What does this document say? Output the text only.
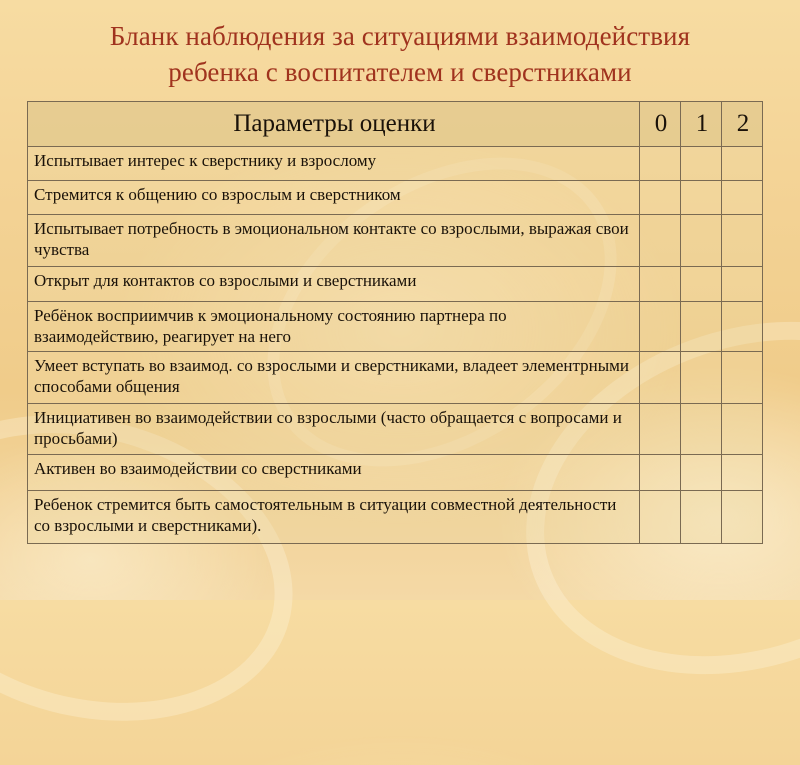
Бланк наблюдения за ситуациями взаимодействия
ребенка с воспитателем и сверстниками
Параметры оценки	0	1	2
Испытывает интерес к сверстнику и взрослому			
Стремится к общению со взрослым и сверстником			
Испытывает потребность в эмоциональном контакте со взрослыми, выражая свои чувства			
Открыт для контактов со взрослыми и сверстниками			
Ребёнок восприимчив к эмоциональному состоянию партнера по взаимодействию, реагирует на него			
Умеет вступать во взаимод. со взрослыми и сверстниками, владеет элементрными способами общения			
Инициативен во взаимодействии со взрослыми (часто обращается с вопросами и просьбами)			
Активен во взаимодействии со сверстниками			
Ребенок стремится быть самостоятельным в ситуации совместной деятельности со взрослыми и сверстниками).			
